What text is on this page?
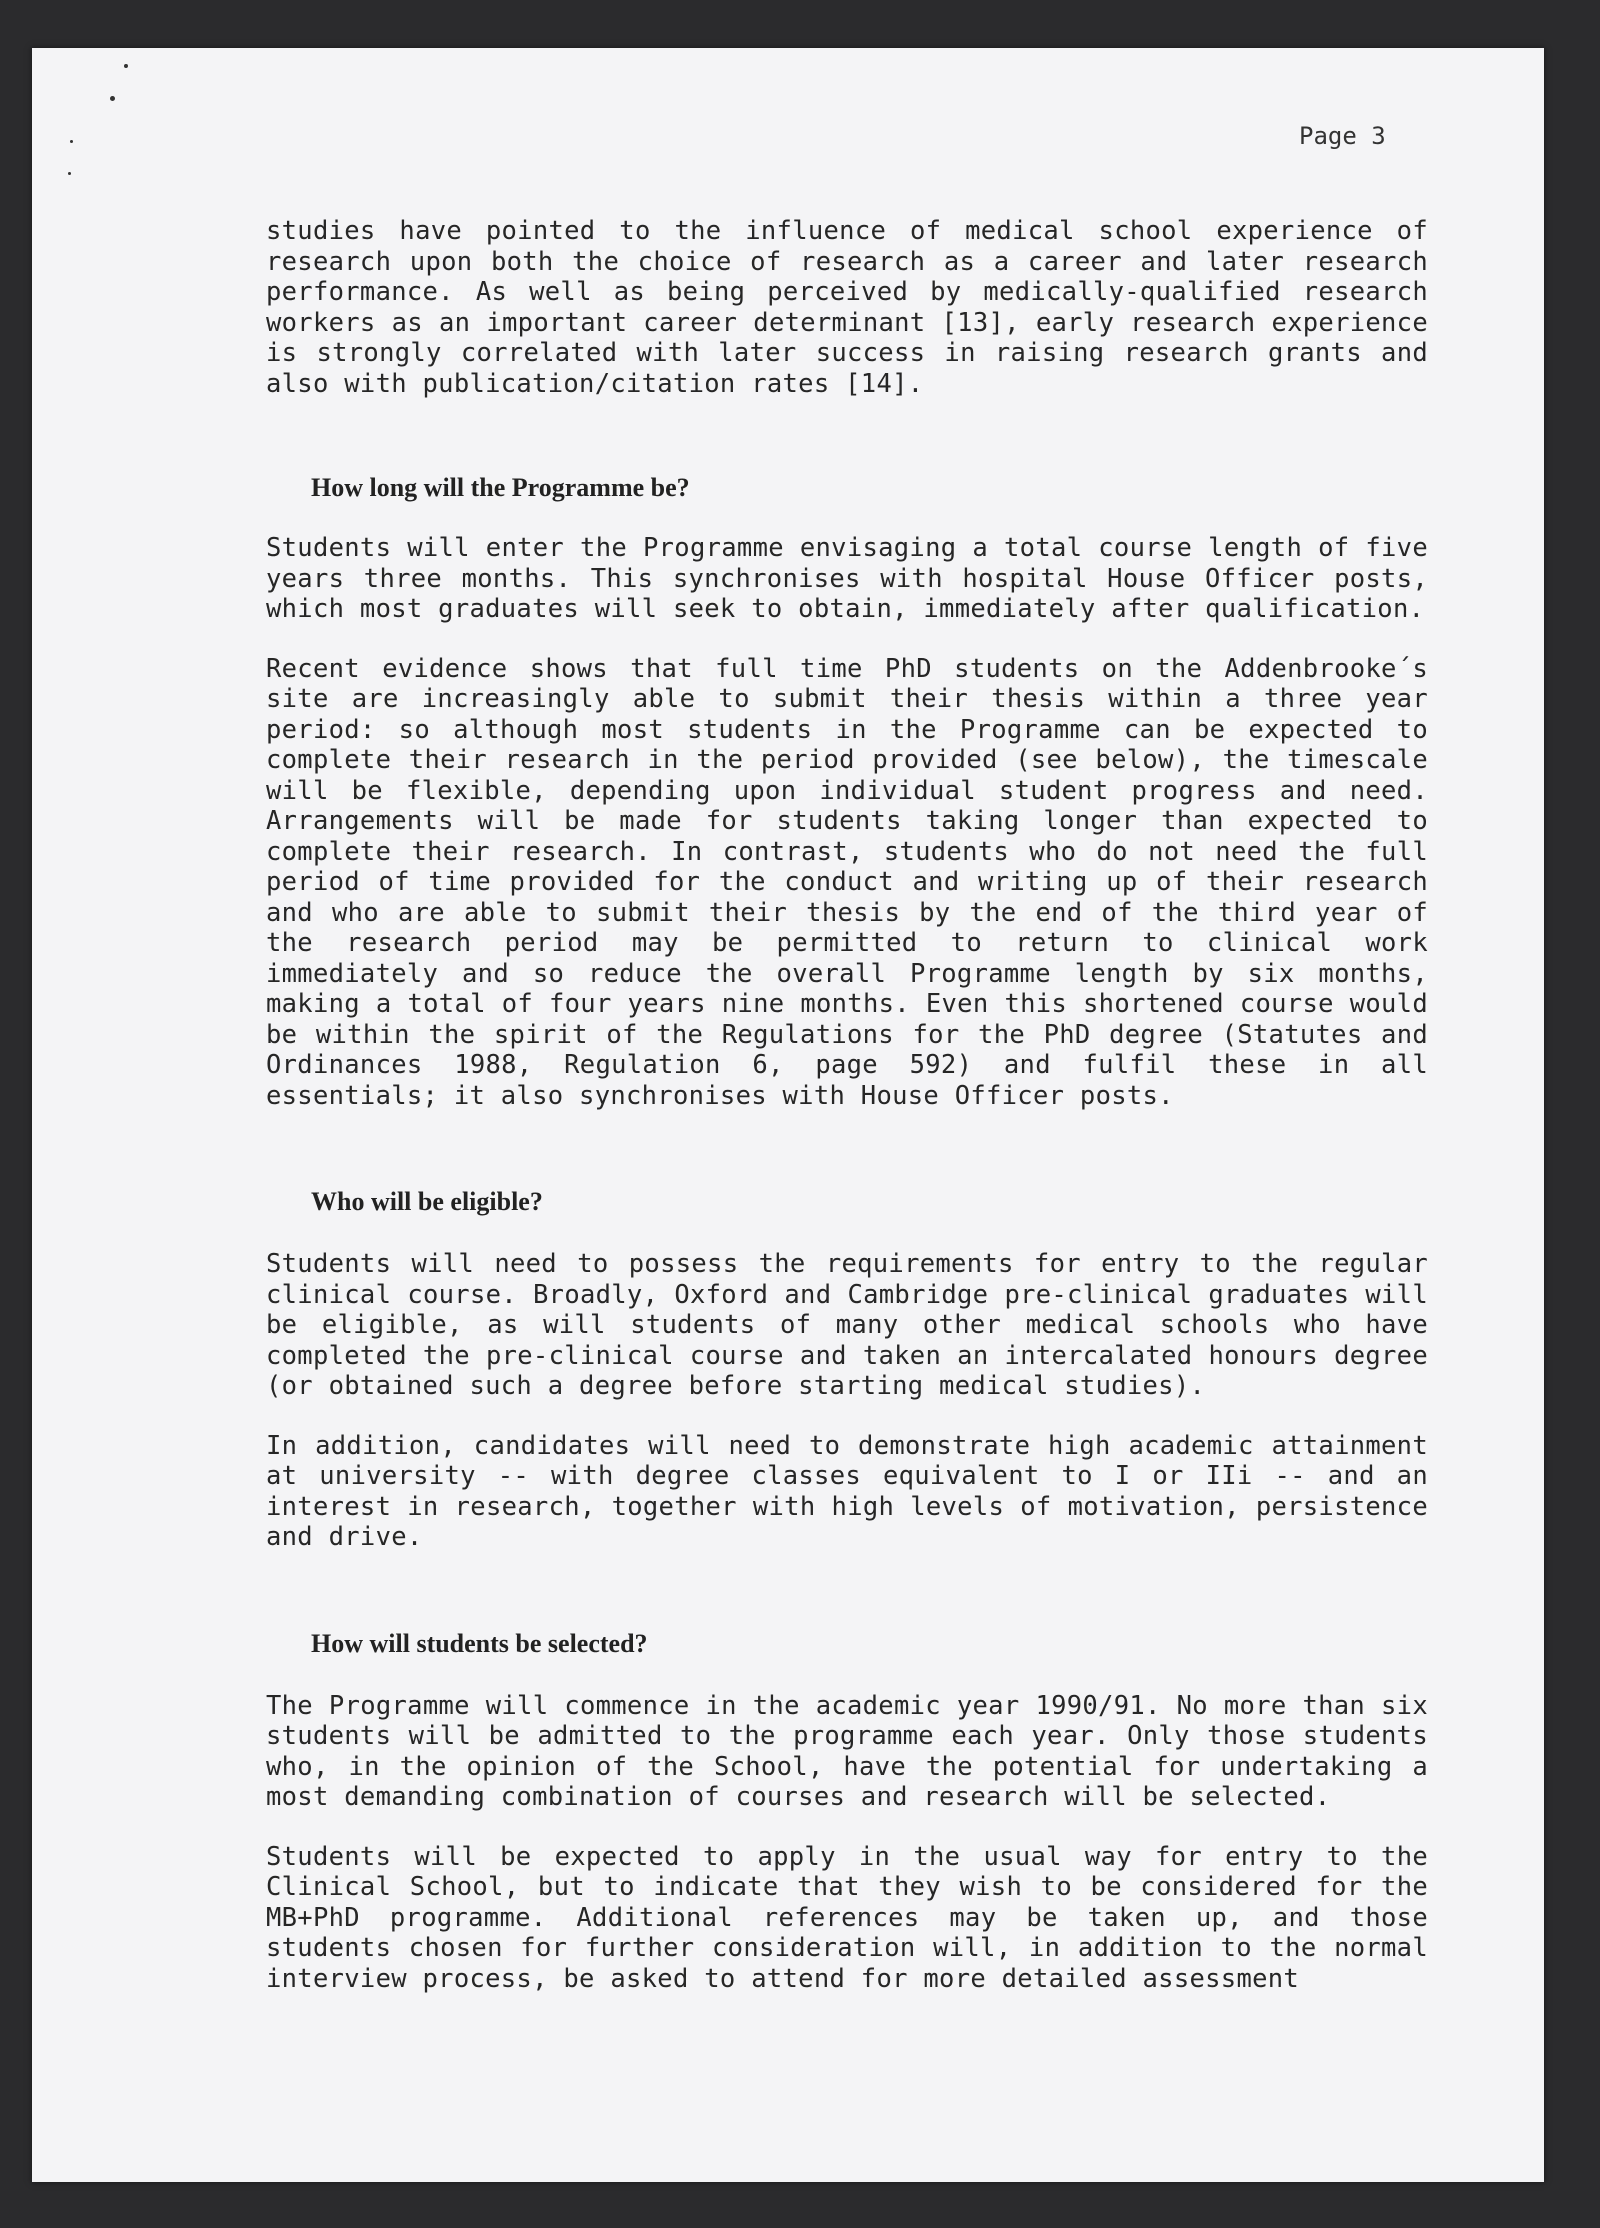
Page 3

studies have pointed to the influence of medical school experience of research upon both the choice of research as a career and later research performance. As well as being perceived by medically-qualified research workers as an important career determinant [13], early research experience is strongly correlated with later success in raising research grants and also with publication/citation rates [14].

How long will the Programme be?

Students will enter the Programme envisaging a total course length of five years three months. This synchronises with hospital House Officer posts, which most graduates will seek to obtain, immediately after qualification.

Recent evidence shows that full time PhD students on the Addenbrooke´s site are increasingly able to submit their thesis within a three year period: so although most students in the Programme can be expected to complete their research in the period provided (see below), the timescale will be flexible, depending upon individual student progress and need. Arrangements will be made for students taking longer than expected to complete their research. In contrast, students who do not need the full period of time provided for the conduct and writing up of their research and who are able to submit their thesis by the end of the third year of the research period may be permitted to return to clinical work immediately and so reduce the overall Programme length by six months, making a total of four years nine months. Even this shortened course would be within the spirit of the Regulations for the PhD degree (Statutes and Ordinances 1988, Regulation 6, page 592) and fulfil these in all essentials; it also synchronises with House Officer posts.

Who will be eligible?

Students will need to possess the requirements for entry to the regular clinical course. Broadly, Oxford and Cambridge pre-clinical graduates will be eligible, as will students of many other medical schools who have completed the pre-clinical course and taken an intercalated honours degree (or obtained such a degree before starting medical studies).

In addition, candidates will need to demonstrate high academic attainment at university -- with degree classes equivalent to I or IIi -- and an interest in research, together with high levels of motivation, persistence and drive.

How will students be selected?

The Programme will commence in the academic year 1990/91. No more than six students will be admitted to the programme each year. Only those students who, in the opinion of the School, have the potential for undertaking a most demanding combination of courses and research will be selected.

Students will be expected to apply in the usual way for entry to the Clinical School, but to indicate that they wish to be considered for the MB+PhD programme. Additional references may be taken up, and those students chosen for further consideration will, in addition to the normal interview process, be asked to attend for more detailed assessment
